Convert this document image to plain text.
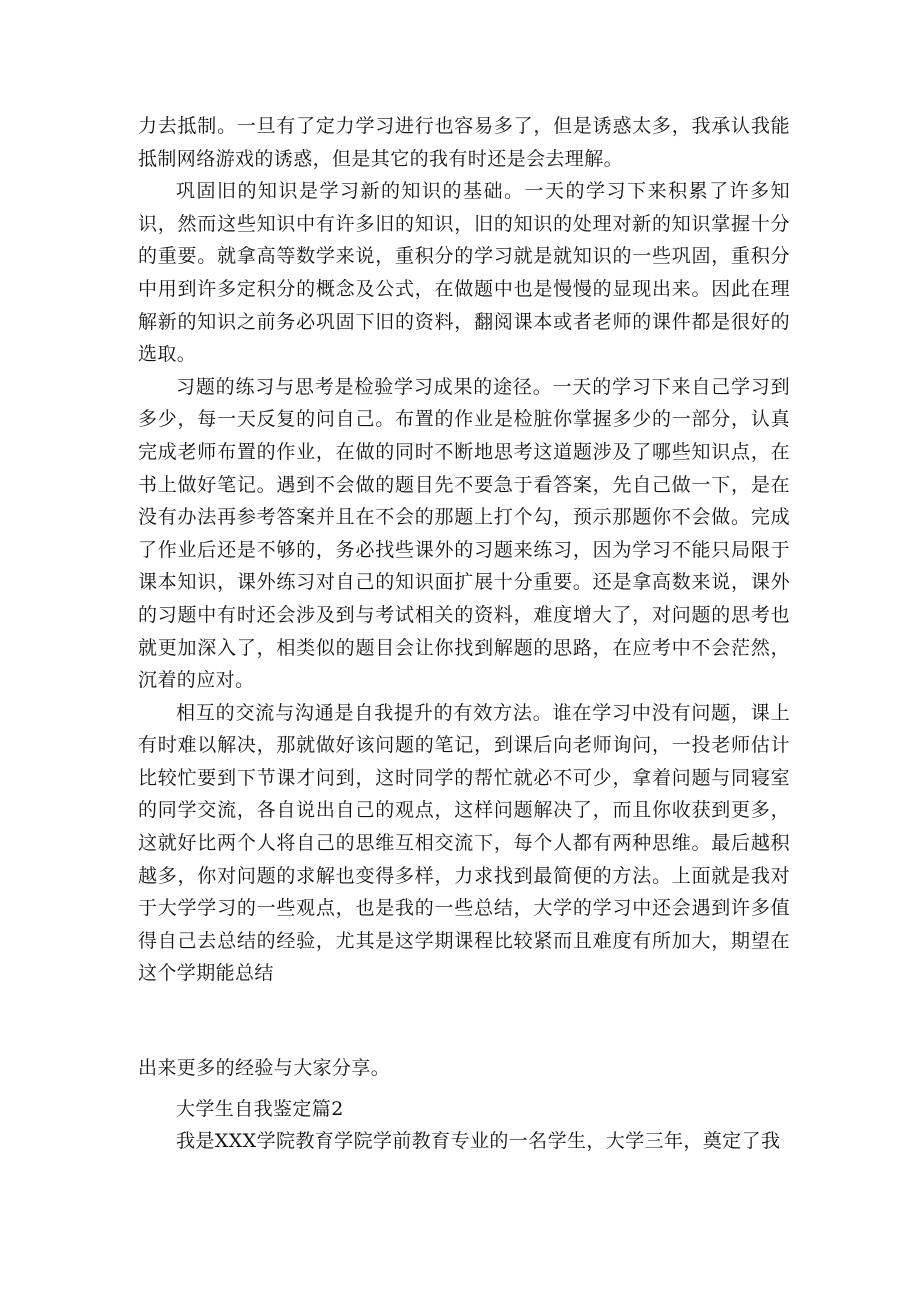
力去抵制。一旦有了定力学习进行也容易多了，但是诱惑太多，我承认我能抵制网络游戏的诱惑，但是其它的我有时还是会去理解。

巩固旧的知识是学习新的知识的基础。一天的学习下来积累了许多知识，然而这些知识中有许多旧的知识，旧的知识的处理对新的知识掌握十分的重要。就拿高等数学来说，重积分的学习就是就知识的一些巩固，重积分中用到许多定积分的概念及公式，在做题中也是慢慢的显现出来。因此在理解新的知识之前务必巩固下旧的资料，翻阅课本或者老师的课件都是很好的选取。

习题的练习与思考是检验学习成果的途径。一天的学习下来自己学习到多少，每一天反复的问自己。布置的作业是检脏你掌握多少的一部分，认真完成老师布置的作业，在做的同时不断地思考这道题涉及了哪些知识点，在书上做好笔记。遇到不会做的题目先不要急于看答案，先自己做一下，是在没有办法再参考答案并且在不会的那题上打个勾，预示那题你不会做。完成了作业后还是不够的，务必找些课外的习题来练习，因为学习不能只局限于课本知识，课外练习对自己的知识面扩展十分重要。还是拿高数来说，课外的习题中有时还会涉及到与考试相关的资料，难度增大了，对问题的思考也就更加深入了，相类似的题目会让你找到解题的思路，在应考中不会茫然，沉着的应对。

相互的交流与沟通是自我提升的有效方法。谁在学习中没有问题，课上有时难以解决，那就做好该问题的笔记，到课后向老师询问，一投老师估计比较忙要到下节课才问到，这时同学的帮忙就必不可少，拿着问题与同寝室的同学交流，各自说出自己的观点，这样问题解决了，而且你收获到更多，这就好比两个人将自己的思维互相交流下，每个人都有两种思维。最后越积越多，你对问题的求解也变得多样，力求找到最简便的方法。上面就是我对于大学学习的一些观点，也是我的一些总结，大学的学习中还会遇到许多值得自己去总结的经验，尤其是这学期课程比较紧而且难度有所加大，期望在这个学期能总结

出来更多的经验与大家分享。

大学生自我鉴定篇2

我是XXX学院教育学院学前教育专业的一名学生，大学三年，奠定了我
